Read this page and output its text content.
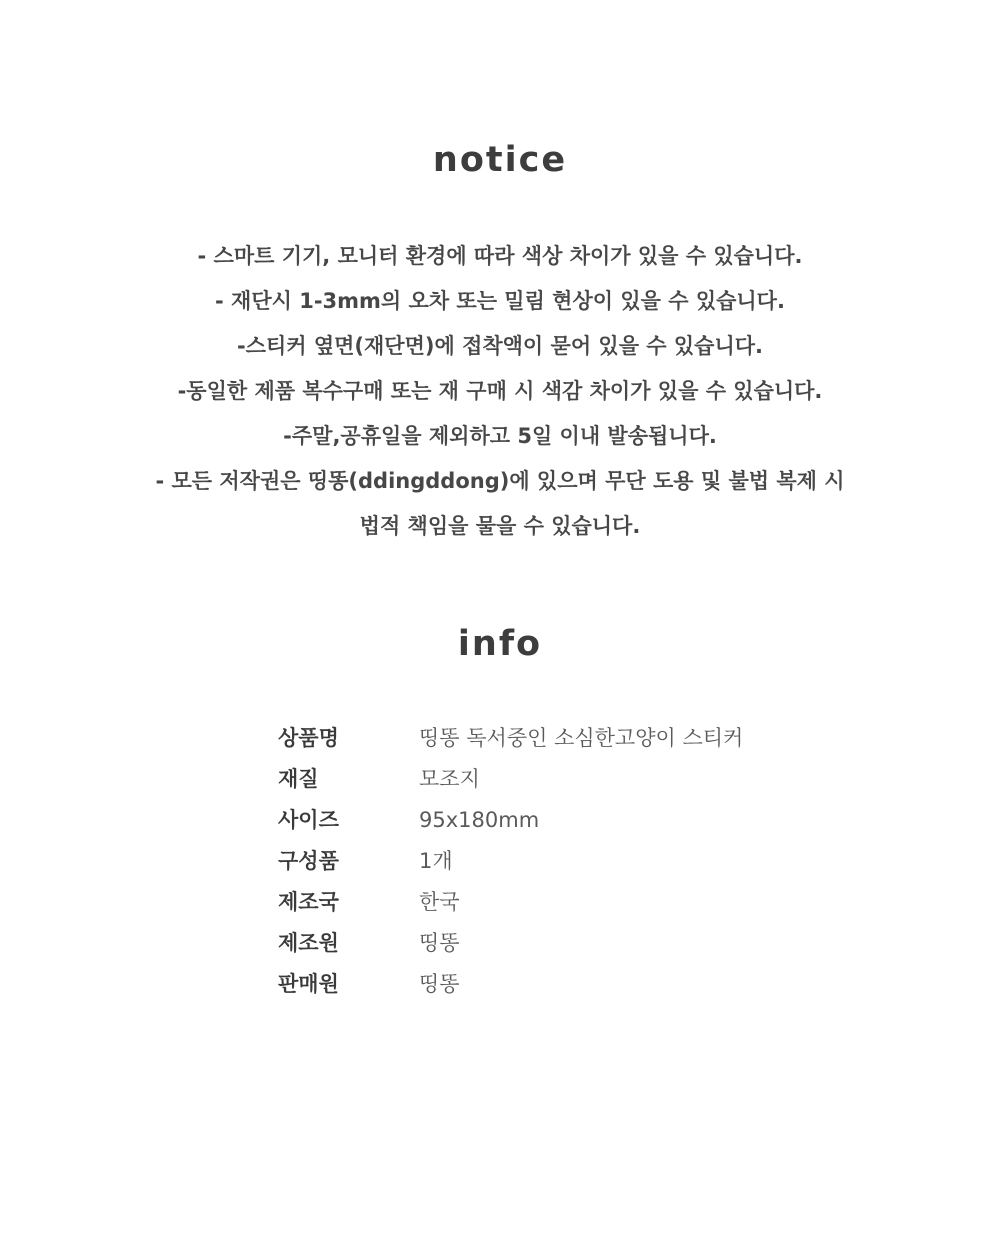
notice
- 스마트 기기, 모니터 환경에 따라 색상 차이가 있을 수 있습니다.
- 재단시 1-3mm의 오차 또는 밀림 현상이 있을 수 있습니다.
-스티커 옆면(재단면)에 접착액이 묻어 있을 수 있습니다.
-동일한 제품 복수구매 또는 재 구매 시 색감 차이가 있을 수 있습니다.
-주말,공휴일을 제외하고 5일 이내 발송됩니다.
- 모든 저작권은 띵똥(ddingddong)에 있으며 무단 도용 및 불법 복제 시
법적 책임을 물을 수 있습니다.
info
상품명	띵똥 독서중인 소심한고양이 스티커
재질	모조지
사이즈	95x180mm
구성품	1개
제조국	한국
제조원	띵똥
판매원	띵똥
